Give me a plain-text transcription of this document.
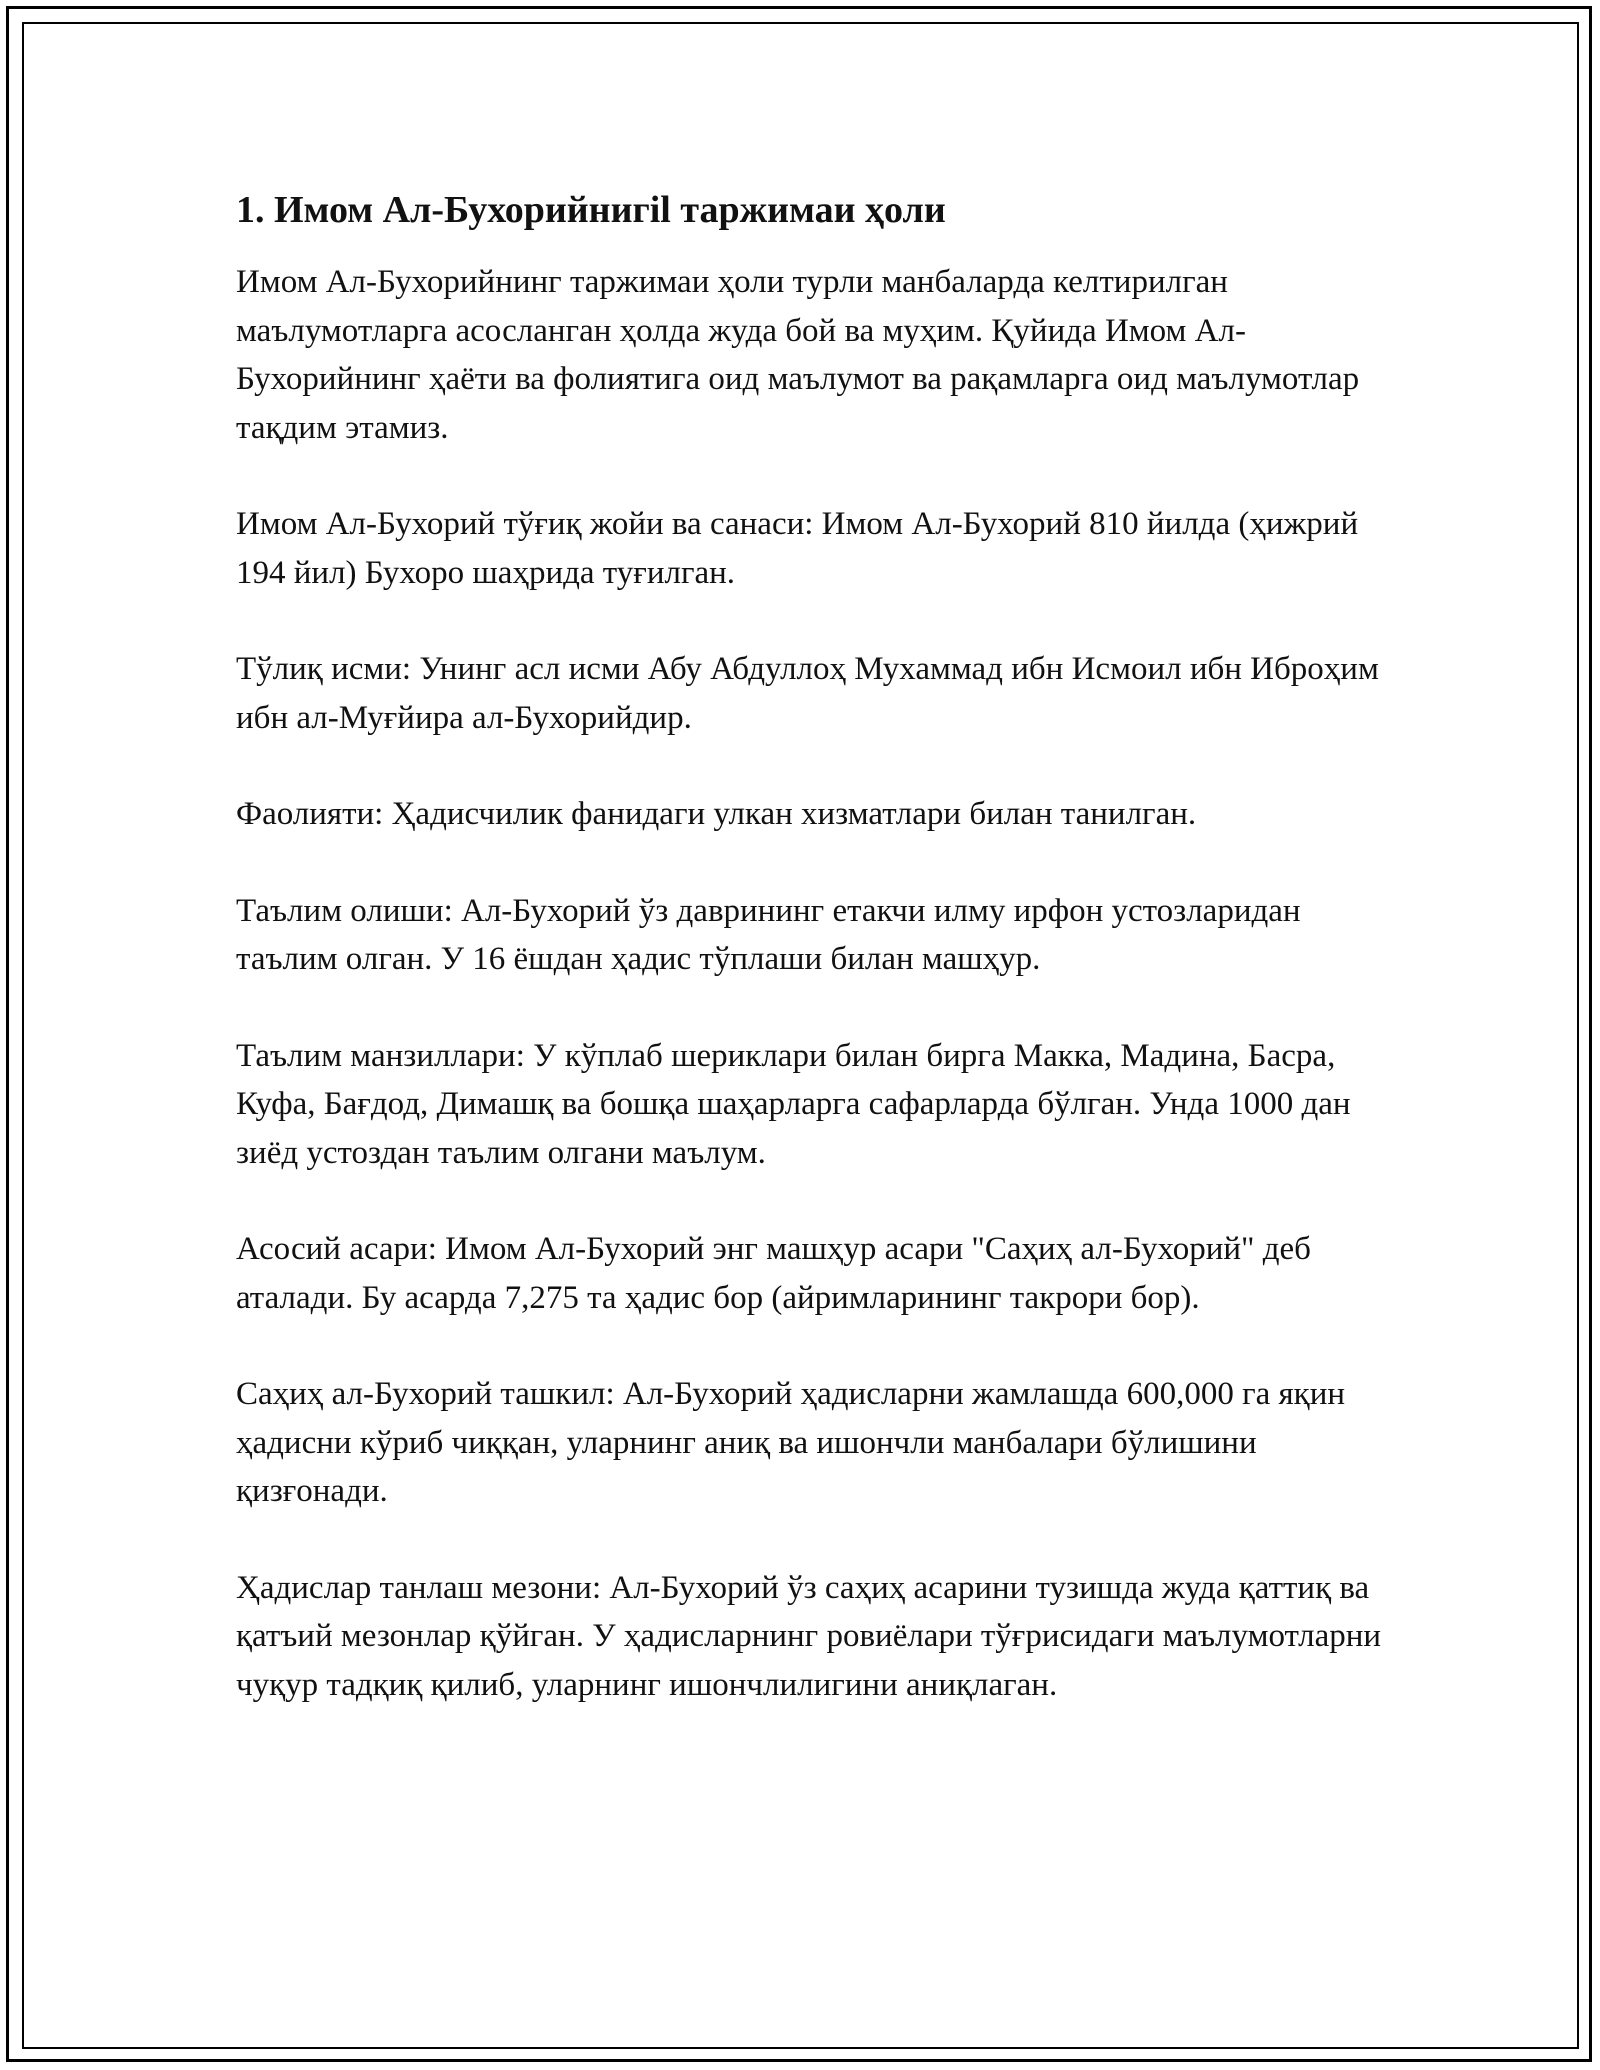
1. Имом Ал-Бухорийнигil таржимаи ҳоли

Имом Ал-Бухорийнинг таржимаи ҳоли турли манбаларда келтирилган маълумотларга асосланган ҳолда жуда бой ва муҳим. Қуйида Имом Ал-Бухорийнинг ҳаёти ва фолиятига оид маълумот ва рақамларга оид маълумотлар тақдим этамиз.

Имом Ал-Бухорий тўғиқ жойи ва санаси: Имом Ал-Бухорий 810 йилда (ҳижрий 194 йил) Бухоро шаҳрида туғилган.

Тўлиқ исми: Унинг асл исми Абу Абдуллоҳ Мухаммад ибн Исмоил ибн Иброҳим ибн ал-Муғйира ал-Бухорийдир.

Фаолияти: Ҳадисчилик фанидаги улкан хизматлари билан танилган.

Таълим олиши: Ал-Бухорий ўз даврининг етакчи илму ирфон устозларидан таълим олган. У 16 ёшдан ҳадис тўплаши билан машҳур.

Таълим манзиллари: У кўплаб шериклари билан бирга Макка, Мадина, Басра, Куфа, Бағдод, Димашқ ва бошқа шаҳарларга сафарларда бўлган. Унда 1000 дан зиёд устоздан таълим олгани маълум.

Асосий асари: Имом Ал-Бухорий энг машҳур асари "Саҳиҳ ал-Бухорий" деб аталади. Бу асарда 7,275 та ҳадис бор (айримларининг такрори бор).

Саҳиҳ ал-Бухорий ташкил: Ал-Бухорий ҳадисларни жамлашда 600,000 га яқин ҳадисни кўриб чиққан, уларнинг аниқ ва ишончли манбалари бўлишини қизғонади.

Ҳадислар танлаш мезони: Ал-Бухорий ўз саҳиҳ асарини тузишда жуда қаттиқ ва қатъий мезонлар қўйган. У ҳадисларнинг ровиёлари тўғрисидаги маълумотларни чуқур тадқиқ қилиб, уларнинг ишончлилигини аниқлаган.
